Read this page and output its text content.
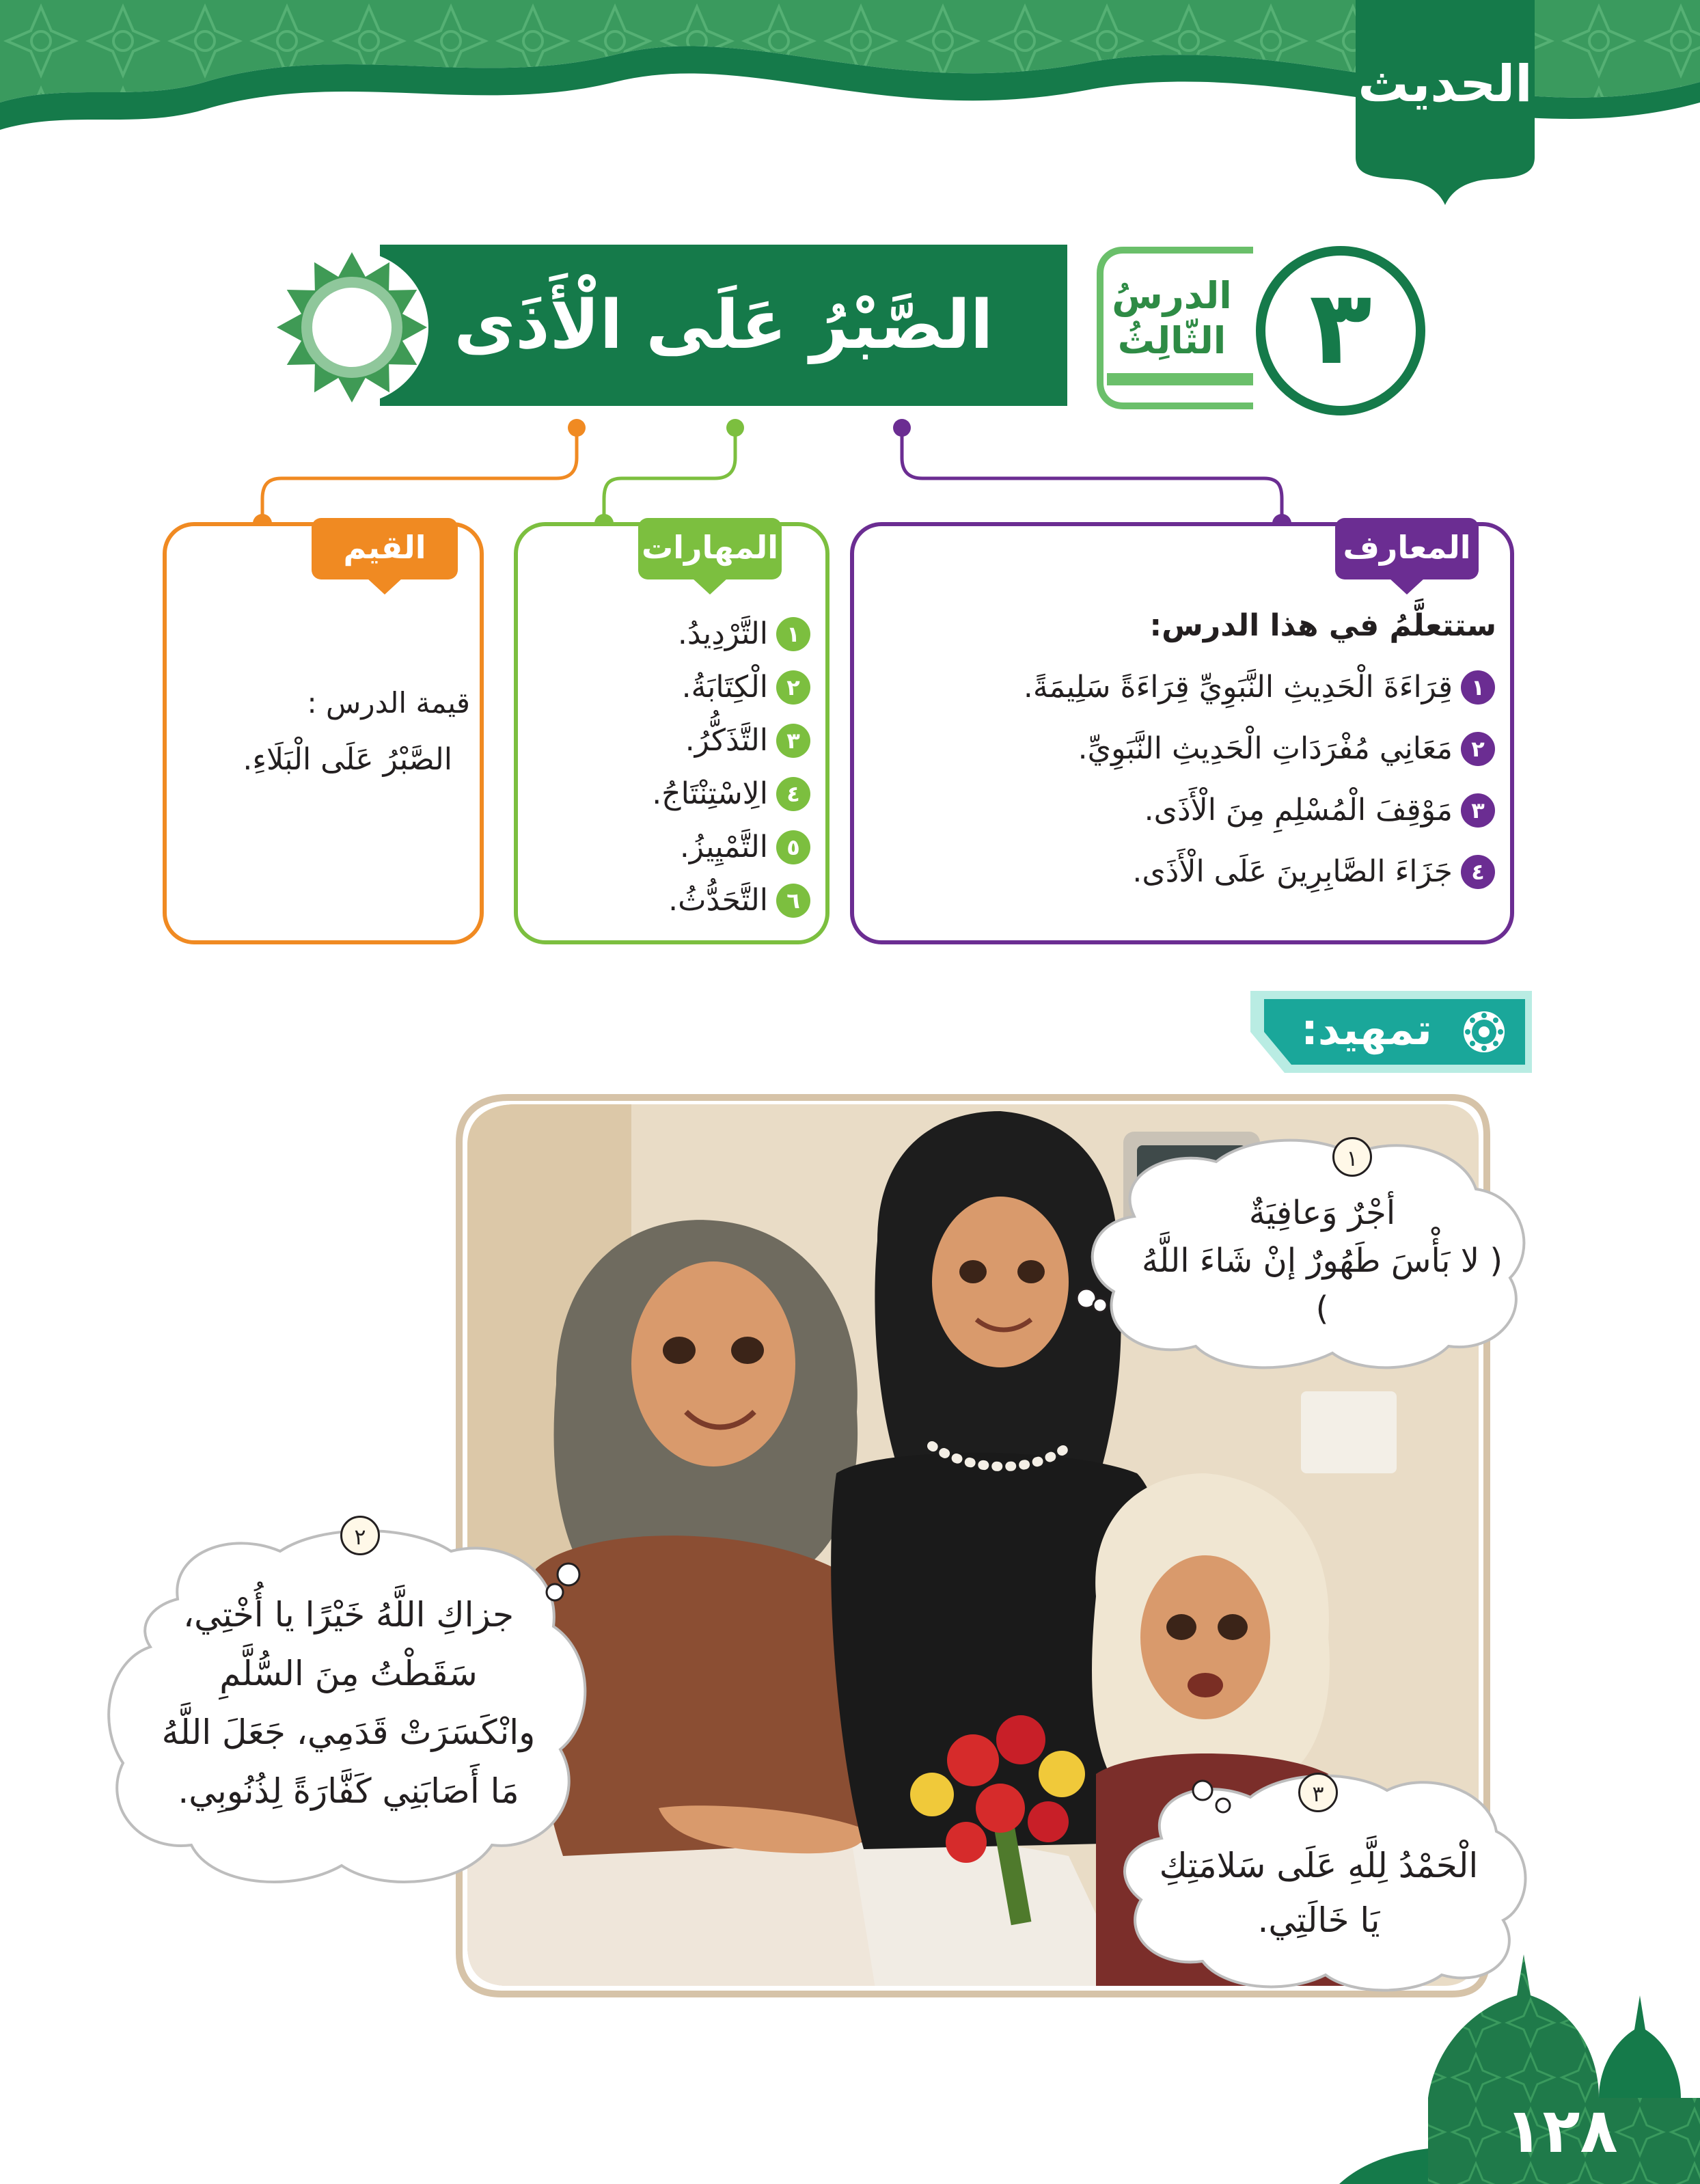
الحديث
الصَّبْرُ عَلَى الْأَذَى	الدرسُ
الثّالِثُ ٣
المعارف
ستتعلَّمُ في هذا الدرس:
١
قِرَاءَةَ الْحَدِيثِ النَّبَوِيِّ قِرَاءَةً سَلِيمَةً.
٢
مَعَانِي مُفْرَدَاتِ الْحَدِيثِ النَّبَوِيِّ.
٣
مَوْقِفَ الْمُسْلِمِ مِنَ الْأَذَى.
٤
جَزَاءَ الصَّابِرِينَ عَلَى الْأَذَى.
المهارات
١
التَّرْدِيدُ.
٢
الْكِتَابَةُ.
٣
التَّذَكُّرُ.
٤
الِاسْتِنْتَاجُ.
٥
التَّمْيِيزُ.
٦
التَّحَدُّثُ.
القيم
قيمة الدرس :
الصَّبْرُ عَلَى الْبَلَاءِ.
تمهيد:
١
أجْرٌ وَعافِيَةٌ
( لا بَأْسَ طَهُورٌ إنْ شَاءَ اللَّهُ )
٢
جزاكِ اللَّهُ خَيْرًا يا أُخْتِي،
سَقَطْتُ مِنَ السُّلَّمِ
وانْكَسَرَتْ قَدَمِي، جَعَلَ اللَّهُ
مَا أَصَابَنِي كَفَّارَةً لِذُنُوبِي.	٣
الْحَمْدُ لِلَّهِ عَلَى سَلامَتِكِ
يَا خَالَتِي.
١٢٨
